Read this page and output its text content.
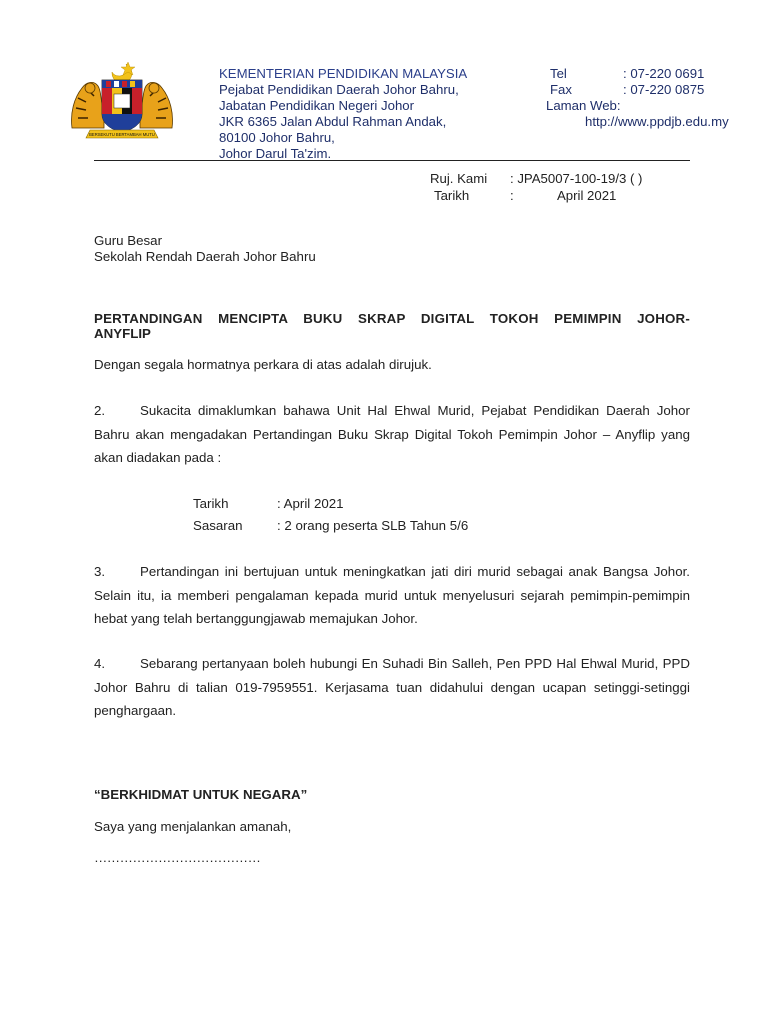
BERSEKUTU BERTAMBAH MUTU
KEMENTERIAN PENDIDIKAN MALAYSIA
Pejabat Pendidikan Daerah Johor Bahru,
Jabatan Pendidikan Negeri Johor
JKR 6365 Jalan Abdul Rahman Andak,
80100 Johor Bahru,
Johor Darul Ta'zim.
Tel	: 07-220 0691
Fax	: 07-220 0875
Laman Web:
http://www.ppdjb.edu.my
Ruj. Kami : JPA5007-100-19/3 ( )
Tarikh	:	April 2021
Guru Besar
Sekolah Rendah Daerah Johor Bahru
PERTANDINGAN MENCIPTA BUKU SKRAP DIGITAL TOKOH PEMIMPIN JOHOR-
ANYFLIP
Dengan segala hormatnya perkara di atas adalah dirujuk.
2.	Sukacita dimaklumkan bahawa Unit Hal Ehwal Murid, Pejabat Pendidikan Daerah Johor Bahru akan mengadakan Pertandingan Buku Skrap Digital Tokoh Pemimpin Johor – Anyflip yang akan diadakan pada :
Tarikh	: April 2021
Sasaran	: 2 orang peserta SLB Tahun 5/6
3.	Pertandingan ini bertujuan untuk meningkatkan jati diri murid sebagai anak Bangsa Johor. Selain itu, ia memberi pengalaman kepada murid untuk menyelusuri sejarah pemimpin-pemimpin hebat yang telah bertanggungjawab memajukan Johor.
4.	Sebarang pertanyaan boleh hubungi En Suhadi Bin Salleh, Pen PPD Hal Ehwal Murid, PPD Johor Bahru di talian 019-7959551. Kerjasama tuan didahului dengan ucapan setinggi-setinggi penghargaan.
“BERKHIDMAT UNTUK NEGARA”
Saya yang menjalankan amanah,
…………………………………
